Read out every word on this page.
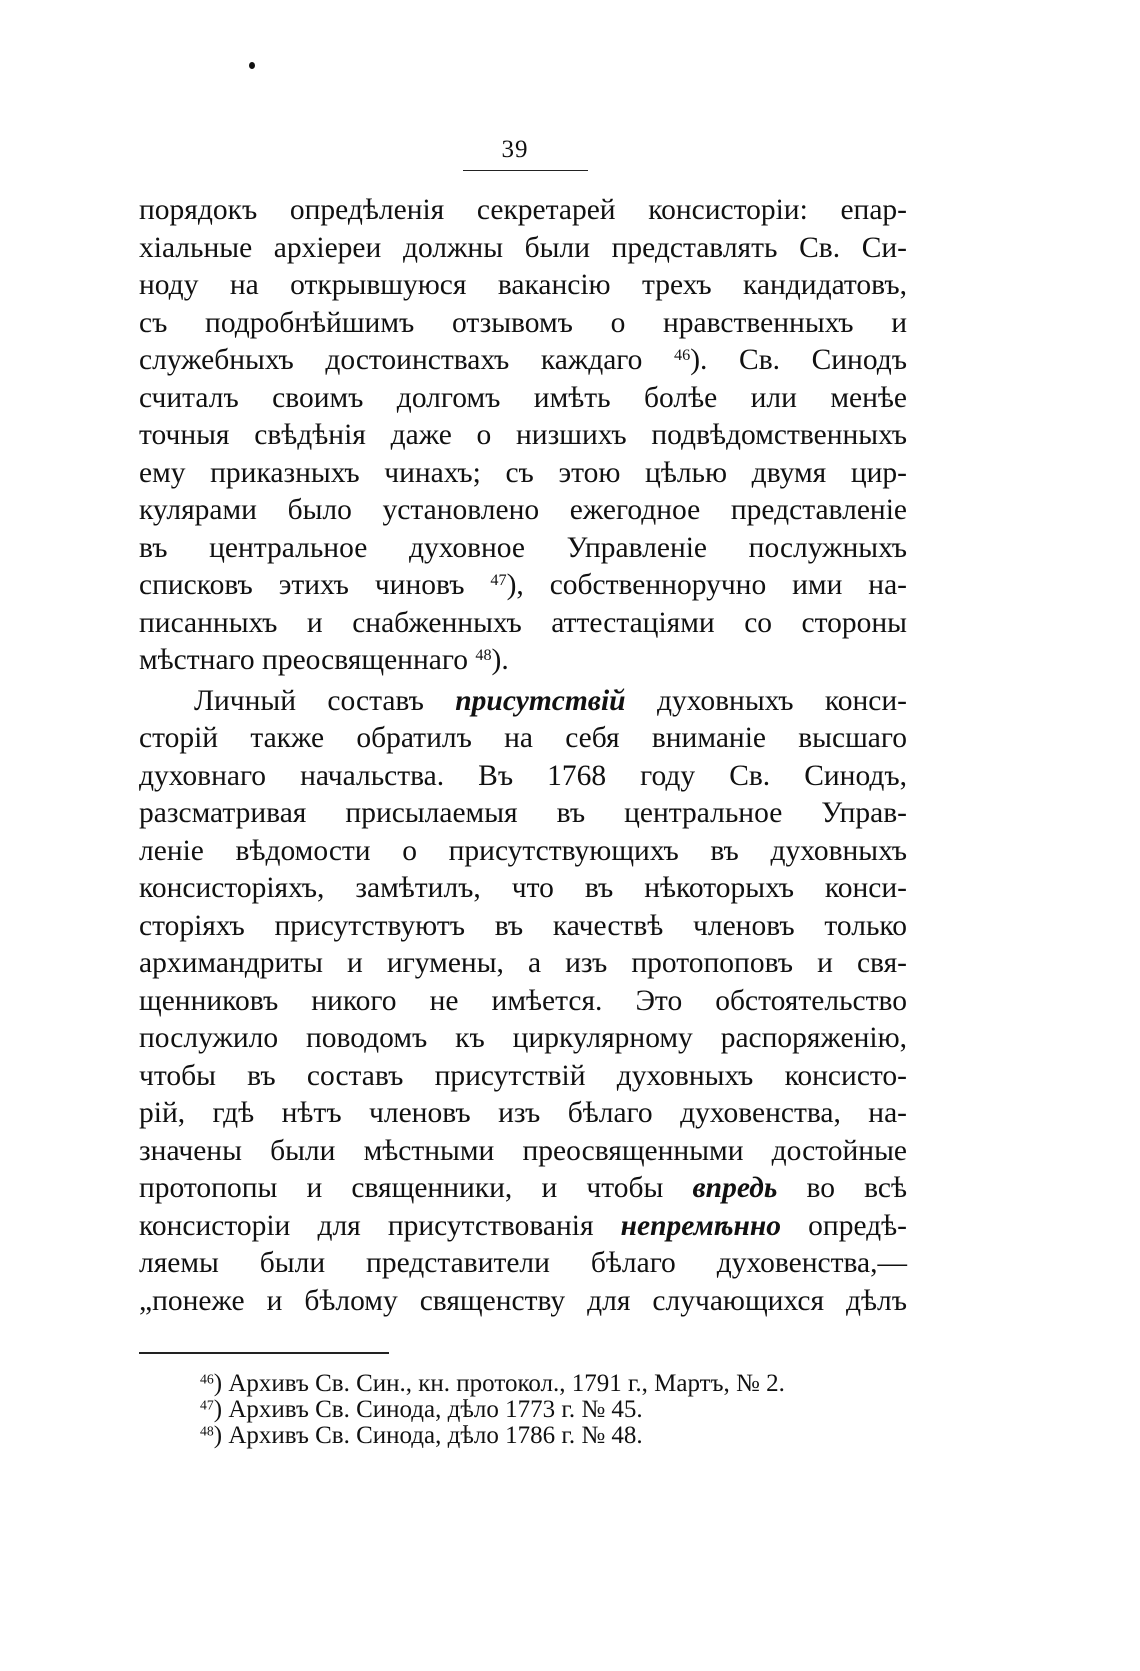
39
порядокъ опредѣленія секретарей консисторіи: епар-
хіальные архіереи должны были представлять Св. Си-
ноду на открывшуюся вакансію трехъ кандидатовъ,
съ подробнѣйшимъ отзывомъ о нравственныхъ и
служебныхъ достоинствахъ каждаго $^{46}$). Св. Синодъ
считалъ своимъ долгомъ имѣть болѣе или менѣе
точныя свѣдѣнія даже о низшихъ подвѣдомственныхъ
ему приказныхъ чинахъ; съ этою цѣлью двумя цир-
кулярами было установлено ежегодное представленіе
въ центральное духовное Управленіе послужныхъ
списковъ этихъ чиновъ $^{47}$), собственноручно ими на-
писанныхъ и снабженныхъ аттестаціями со стороны
мѣстнаго преосвященнаго $^{48}$).
Личный составъ присутствій духовныхъ конси-
сторій также обратилъ на себя вниманіе высшаго
духовнаго начальства. Въ 1768 году Св. Синодъ,
разсматривая присылаемыя въ центральное Управ-
леніе вѣдомости о присутствующихъ въ духовныхъ
консисторіяхъ, замѣтилъ, что въ нѣкоторыхъ конси-
сторіяхъ присутствуютъ въ качествѣ членовъ только
архимандриты и игумены, а изъ протопоповъ и свя-
щенниковъ никого не имѣется. Это обстоятельство
послужило поводомъ къ циркулярному распоряженію,
чтобы въ составъ присутствій духовныхъ консисто-
рій, гдѣ нѣтъ членовъ изъ бѣлаго духовенства, на-
значены были мѣстными преосвященными достойные
протопопы и священники, и чтобы впредь во всѣ
консисторіи для присутствованія непремѣнно опредѣ-
ляемы были представители бѣлаго духовенства,—
„понеже и бѣлому священству для случающихся дѣлъ
$^{46}$) Архивъ Св. Син., кн. протокол., 1791 г., Мартъ, № 2.
$^{47}$) Архивъ Св. Синода, дѣло 1773 г. № 45.
$^{48}$) Архивъ Св. Синода, дѣло 1786 г. № 48.
